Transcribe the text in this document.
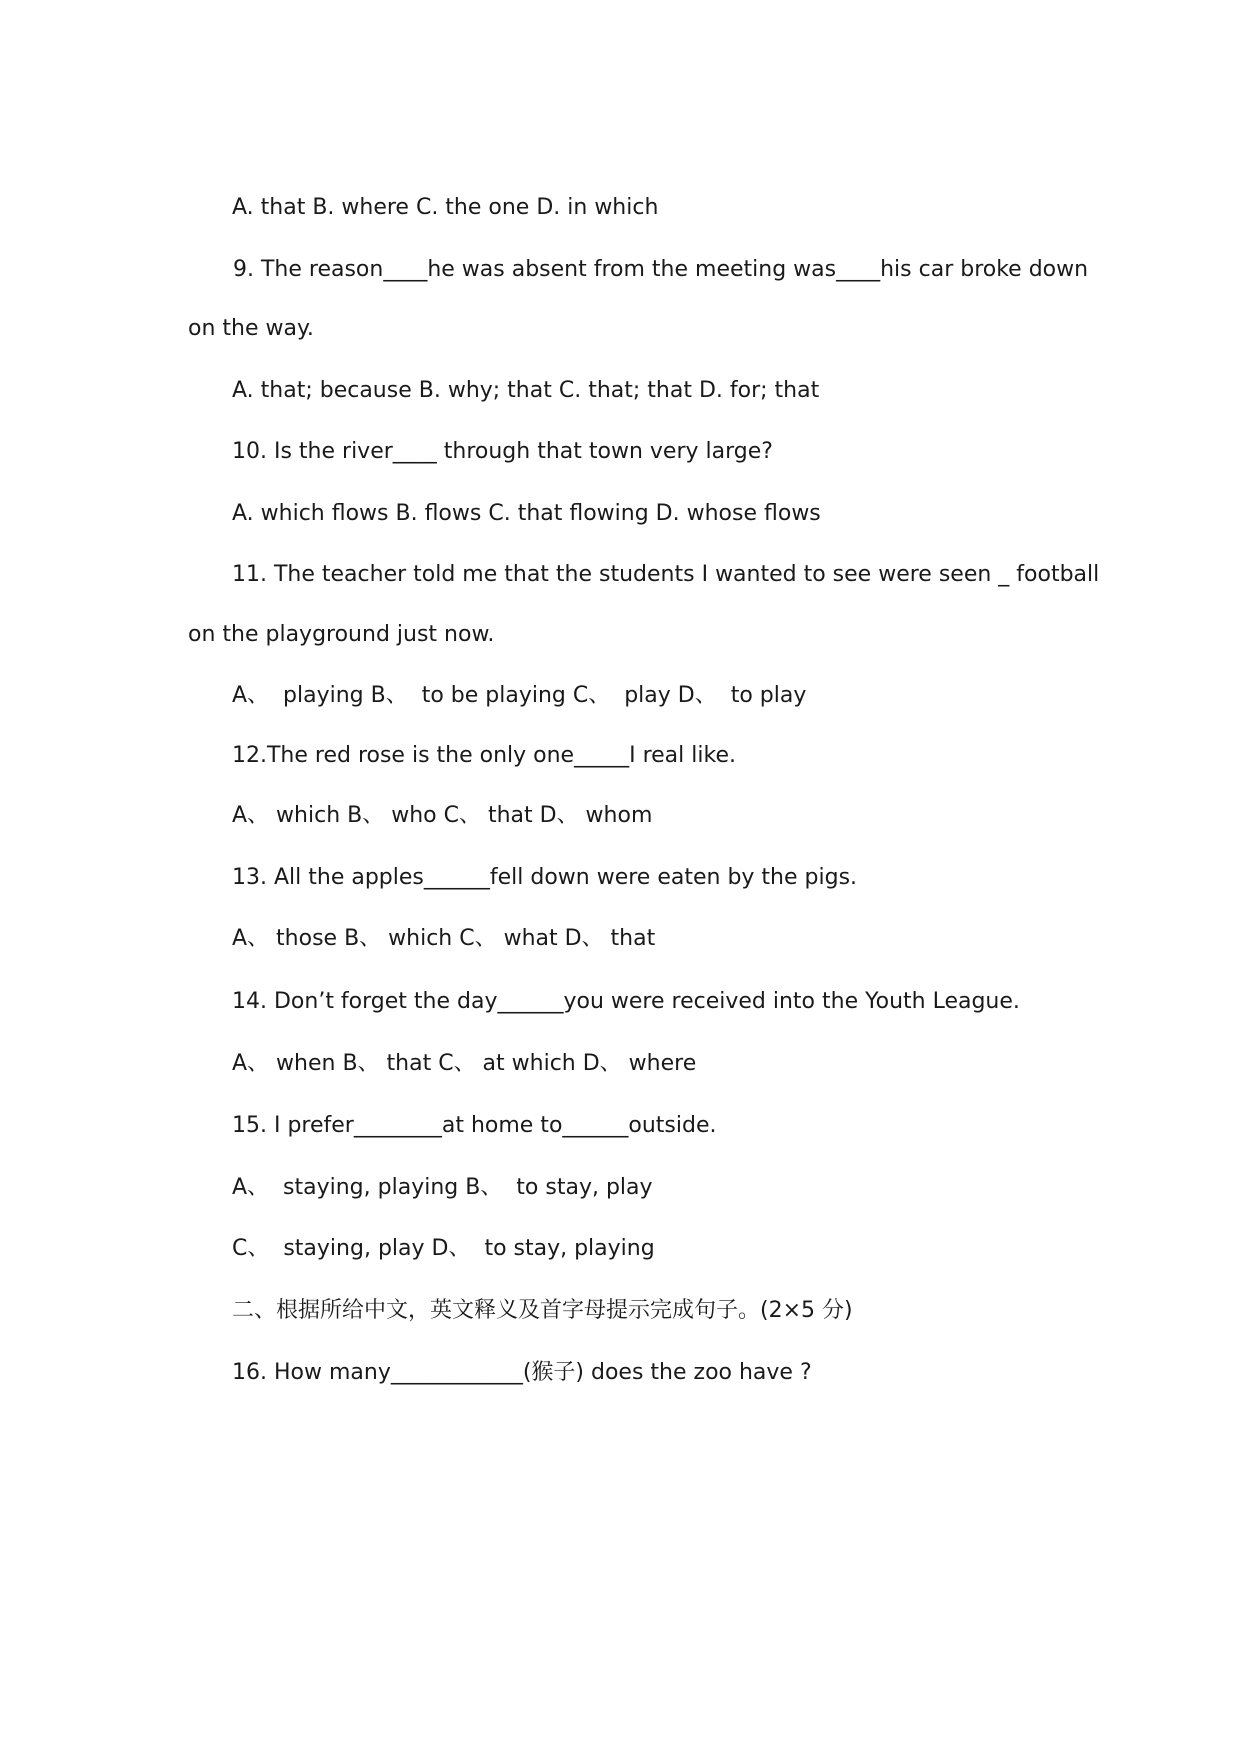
A. that B. where C. the one D. in which
9. The reason____he was absent from the meeting was____his car broke down
on the way.
A. that; because B. why; that C. that; that D. for; that
10. Is the river____ through that town very large?
A. which flows B. flows C. that flowing D. whose flows
11. The teacher told me that the students I wanted to see were seen _ football
on the playground just now.
A、  playing B、  to be playing C、  play D、  to play
12.The red rose is the only one_____I real like.
A、 which B、 who C、 that D、 whom
13. All the apples______fell down were eaten by the pigs.
A、 those B、 which C、 what D、 that
14. Don’t forget the day______you were received into the Youth League.
A、 when B、 that C、 at which D、 where
15. I prefer________at home to______outside.
A、  staying, playing B、  to stay, play
C、  staying, play D、  to stay, playing
二、根据所给中文，英文释义及首字母提示完成句子。(2×5 分)
16. How many____________(猴子) does the zoo have ?
